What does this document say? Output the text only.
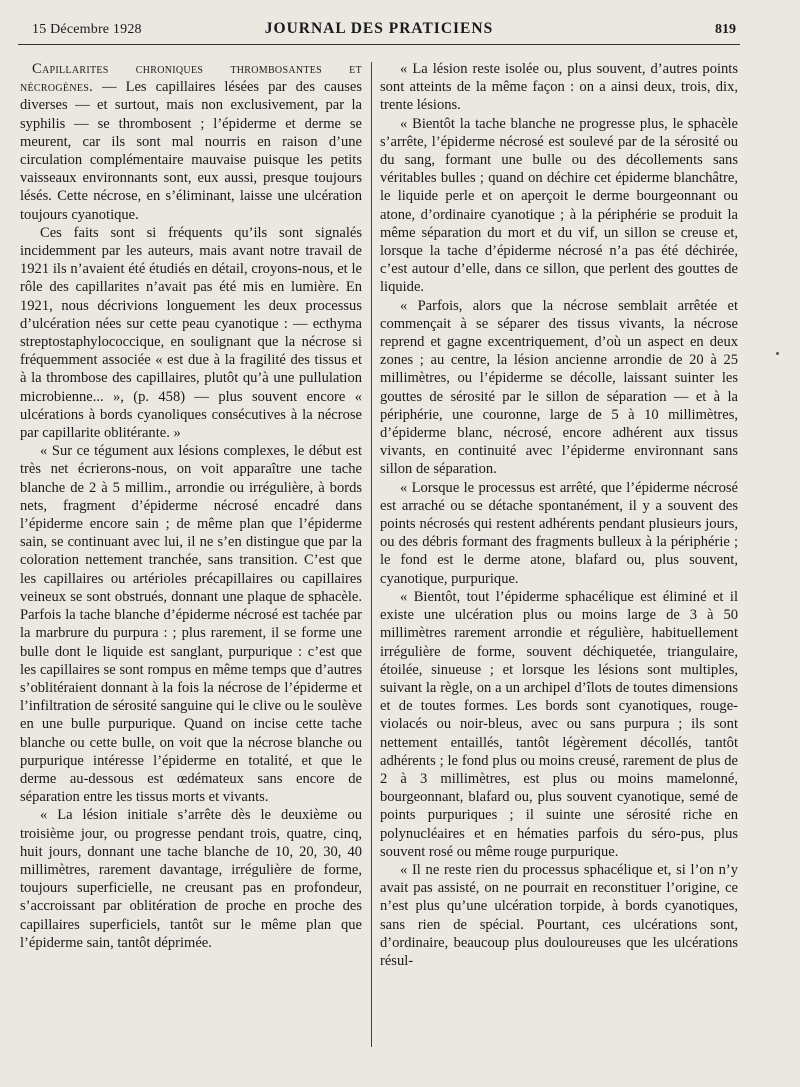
15 Décembre 1928	JOURNAL DES PRATICIENS	819

Capillarites chroniques thrombosantes et nécrogènes. — Les capillaires lésées par des causes diverses — et surtout, mais non exclusivement, par la syphilis — se thrombosent ; l’épiderme et derme se meurent, car ils sont mal nourris en raison d’une circulation complémentaire mauvaise puisque les petits vaisseaux environnants sont, eux aussi, presque toujours lésés. Cette nécrose, en s’éliminant, laisse une ulcération toujours cyanotique.

Ces faits sont si fréquents qu’ils sont signalés incidemment par les auteurs, mais avant notre travail de 1921 ils n’avaient été étudiés en détail, croyons-nous, et le rôle des capillarites n’avait pas été mis en lumière. En 1921, nous décrivions longuement les deux processus d’ulcération nées sur cette peau cyanotique : — ecthyma streptostaphylococcique, en soulignant que la nécrose si fréquemment associée « est due à la fragilité des tissus et à la thrombose des capillaires, plutôt qu’à une pullulation microbienne... », (p. 458) — plus souvent encore « ulcérations à bords cyanoliques consécutives à la nécrose par capillarite oblitérante. »

« Sur ce tégument aux lésions complexes, le début est très net écrierons-nous, on voit apparaître une tache blanche de 2 à 5 millim., arrondie ou irrégulière, à bords nets, fragment d’épiderme nécrosé encadré dans l’épiderme encore sain ; de même plan que l’épiderme sain, se continuant avec lui, il ne s’en distingue que par la coloration nettement tranchée, sans transition. C’est que les capillaires ou artérioles précapillaires ou capillaires veineux se sont obstrués, donnant une plaque de sphacèle. Parfois la tache blanche d’épiderme nécrosé est tachée par la marbrure du purpura : ; plus rarement, il se forme une bulle dont le liquide est sanglant, purpurique : c’est que les capillaires se sont rompus en même temps que d’autres s’oblitéraient donnant à la fois la nécrose de l’épiderme et l’infiltration de sérosité sanguine qui le clive ou le soulève en une bulle purpurique. Quand on incise cette tache blanche ou cette bulle, on voit que la nécrose blanche ou purpurique intéresse l’épiderme en totalité, et que le derme au-dessous est œdémateux sans encore de séparation entre les tissus morts et vivants.

« La lésion initiale s’arrête dès le deuxième ou troisième jour, ou progresse pendant trois, quatre, cinq, huit jours, donnant une tache blanche de 10, 20, 30, 40 millimètres, rarement davantage, irrégulière de forme, toujours superficielle, ne creusant pas en profondeur, s’accroissant par oblitération de proche en proche des capillaires superficiels, tantôt sur le même plan que l’épiderme sain, tantôt déprimée.

« La lésion reste isolée ou, plus souvent, d’autres points sont atteints de la même façon : on a ainsi deux, trois, dix, trente lésions.

« Bientôt la tache blanche ne progresse plus, le sphacèle s’arrête, l’épiderme nécrosé est soulevé par de la sérosité ou du sang, formant une bulle ou des décollements sans véritables bulles ; quand on déchire cet épiderme blanchâtre, le liquide perle et on aperçoit le derme bourgeonnant ou atone, d’ordinaire cyanotique ; à la périphérie se produit la même séparation du mort et du vif, un sillon se creuse et, lorsque la tache d’épiderme nécrosé n’a pas été déchirée, c’est autour d’elle, dans ce sillon, que perlent des gouttes de liquide.

« Parfois, alors que la nécrose semblait arrêtée et commençait à se séparer des tissus vivants, la nécrose reprend et gagne excentriquement, d’où un aspect en deux zones ; au centre, la lésion ancienne arrondie de 20 à 25 millimètres, ou l’épiderme se décolle, laissant suinter les gouttes de sérosité par le sillon de séparation — et à la périphérie, une couronne, large de 5 à 10 millimètres, d’épiderme blanc, nécrosé, encore adhérent aux tissus vivants, en continuité avec l’épiderme environnant sans sillon de séparation.

« Lorsque le processus est arrêté, que l’épiderme nécrosé est arraché ou se détache spontanément, il y a souvent des points nécrosés qui restent adhérents pendant plusieurs jours, ou des débris formant des fragments bulleux à la périphérie ; le fond est le derme atone, blafard ou, plus souvent, cyanotique, purpurique.

« Bientôt, tout l’épiderme sphacélique est éliminé et il existe une ulcération plus ou moins large de 3 à 50 millimètres rarement arrondie et régulière, habituellement irrégulière de forme, souvent déchiquetée, triangulaire, étoilée, sinueuse ; et lorsque les lésions sont multiples, suivant la règle, on a un archipel d’îlots de toutes dimensions et de toutes formes. Les bords sont cyanotiques, rouge-violacés ou noir-bleus, avec ou sans purpura ; ils sont nettement entaillés, tantôt légèrement décollés, tantôt adhérents ; le fond plus ou moins creusé, rarement de plus de 2 à 3 millimètres, est plus ou moins mamelonné, bourgeonnant, blafard ou, plus souvent cyanotique, semé de points purpuriques ; il suinte une sérosité riche en polynucléaires et en hématies parfois du séro-pus, plus souvent rosé ou même rouge purpurique.

« Il ne reste rien du processus sphacélique et, si l’on n’y avait pas assisté, on ne pourrait en reconstituer l’origine, ce n’est plus qu’une ulcération torpide, à bords cyanotiques, sans rien de spécial. Pourtant, ces ulcérations sont, d’ordinaire, beaucoup plus douloureuses que les ulcérations résul-
